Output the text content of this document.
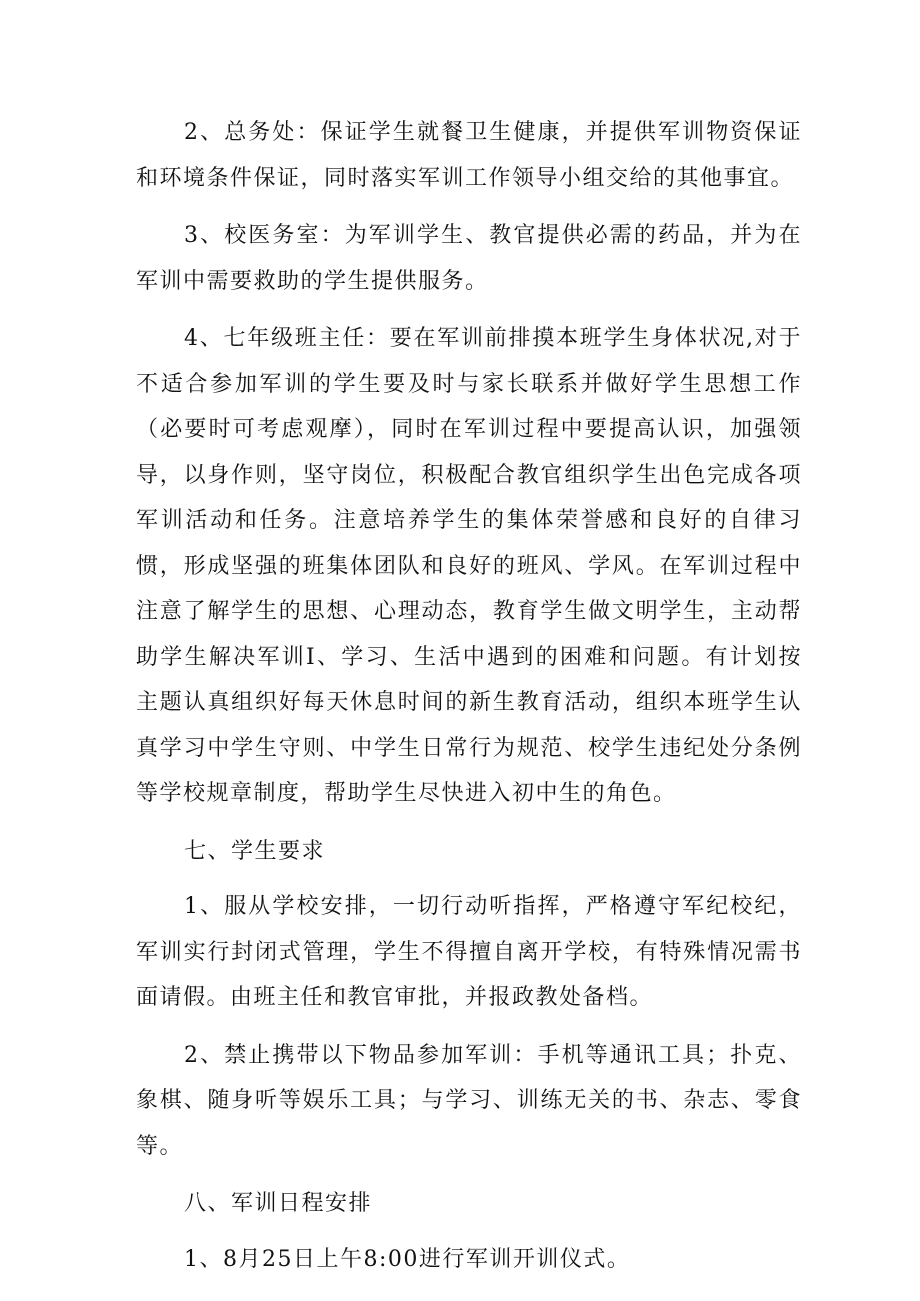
2、总务处：保证学生就餐卫生健康，并提供军训物资保证和环境条件保证，同时落实军训工作领导小组交给的其他事宜。

3、校医务室：为军训学生、教官提供必需的药品，并为在军训中需要救助的学生提供服务。

4、七年级班主任：要在军训前排摸本班学生身体状况,对于不适合参加军训的学生要及时与家长联系并做好学生思想工作（必要时可考虑观摩），同时在军训过程中要提高认识，加强领导，以身作则，坚守岗位，积极配合教官组织学生出色完成各项军训活动和任务。注意培养学生的集体荣誉感和良好的自律习惯，形成坚强的班集体团队和良好的班风、学风。在军训过程中注意了解学生的思想、心理动态，教育学生做文明学生，主动帮助学生解决军训I、学习、生活中遇到的困难和问题。有计划按主题认真组织好每天休息时间的新生教育活动，组织本班学生认真学习中学生守则、中学生日常行为规范、校学生违纪处分条例等学校规章制度，帮助学生尽快进入初中生的角色。

七、学生要求

1、服从学校安排，一切行动听指挥，严格遵守军纪校纪，军训实行封闭式管理，学生不得擅自离开学校，有特殊情况需书面请假。由班主任和教官审批，并报政教处备档。

2、禁止携带以下物品参加军训：手机等通讯工具；扑克、象棋、随身听等娱乐工具；与学习、训练无关的书、杂志、零食等。

八、军训日程安排

1、8月25日上午8:00进行军训开训仪式。
